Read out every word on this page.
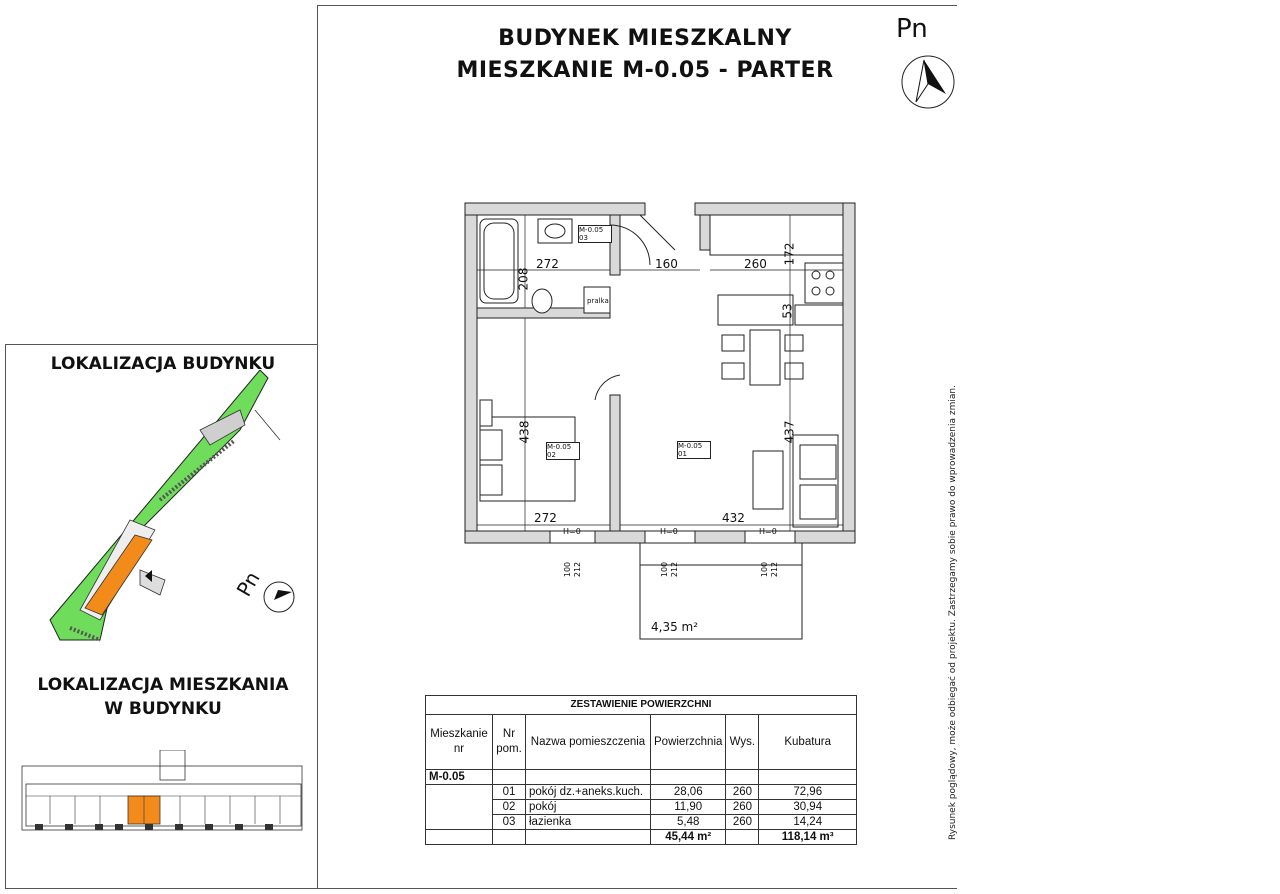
BUDYNEK MIESZKALNY
MIESZKANIE M-0.05 - PARTER
Pn
LOKALIZACJA BUDYNKU
Pn
LOKALIZACJA MIESZKANIA
W BUDYNKU
M-0.05
03
M-0.05
02
M-0.05
01
pralka
272
208
160	260 172
53
438	437
272	432
H=0	H=0	H=0
100 212	100 212	100 212
4,35 m²
ZESTAWIENIE POWIERZCHNI					
Mieszkanie nr	Nr pom.	Nazwa pomieszczenia	Powierzchnia	Wys.	Kubatura
M-0.05					
	01	pokój dz.+aneks.kuch.	28,06	260	72,96
	02	pokój	11,90	260	30,94
	03	łazienka	5,48	260	14,24
			45,44 m²		118,14 m³	Rysunek poglądowy, może odbiegać od projektu. Zastrzegamy sobie prawo do wprowadzenia zmian.
